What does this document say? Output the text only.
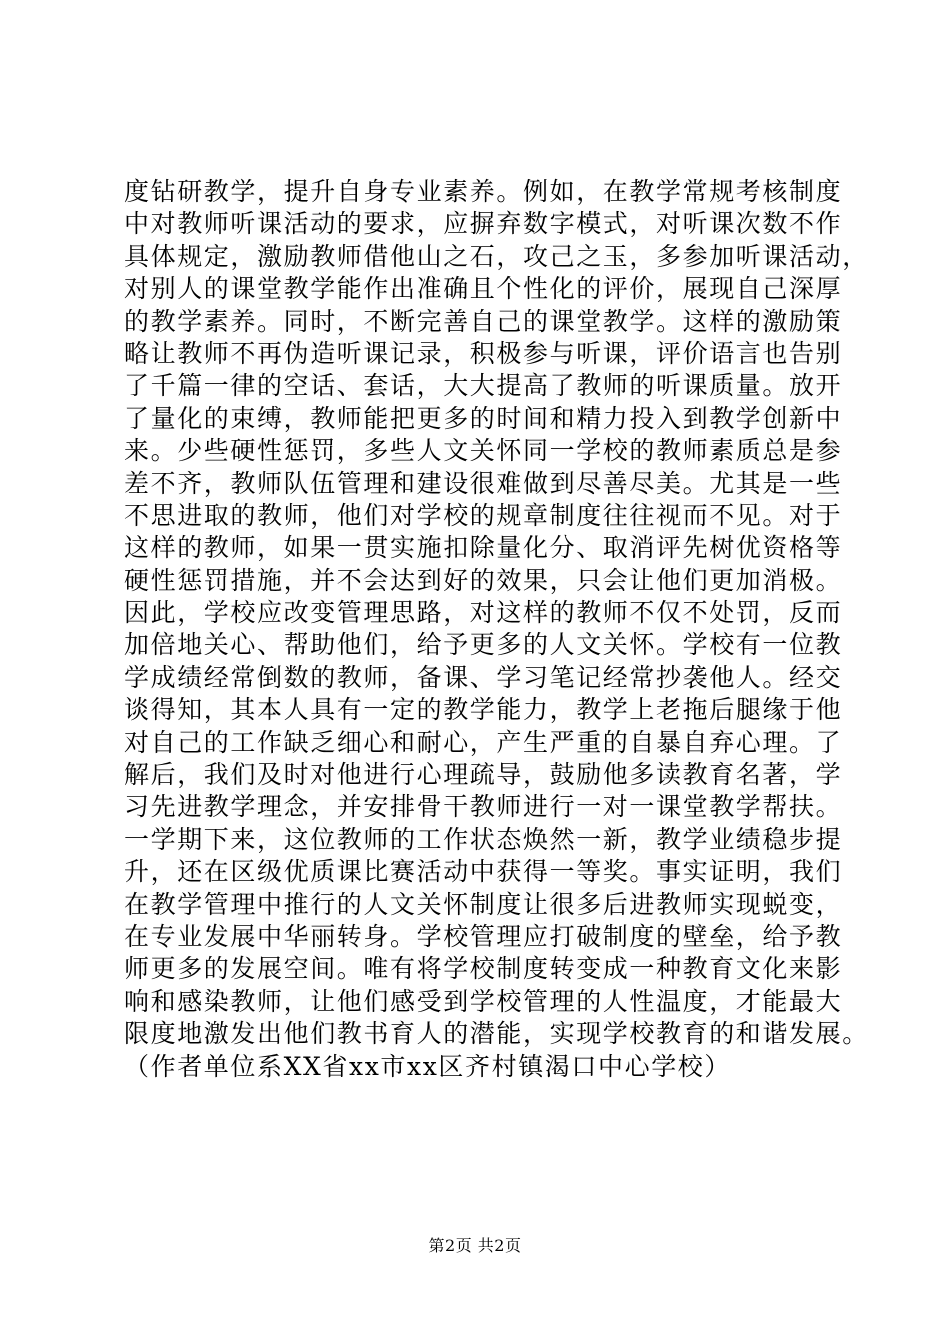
度钻研教学，提升自身专业素养。例如，在教学常规考核制度
中对教师听课活动的要求，应摒弃数字模式，对听课次数不作
具体规定，激励教师借他山之石，攻己之玉，多参加听课活动，
对别人的课堂教学能作出准确且个性化的评价，展现自己深厚
的教学素养。同时，不断完善自己的课堂教学。这样的激励策
略让教师不再伪造听课记录，积极参与听课，评价语言也告别
了千篇一律的空话、套话，大大提高了教师的听课质量。放开
了量化的束缚，教师能把更多的时间和精力投入到教学创新中
来。少些硬性惩罚，多些人文关怀同一学校的教师素质总是参
差不齐，教师队伍管理和建设很难做到尽善尽美。尤其是一些
不思进取的教师，他们对学校的规章制度往往视而不见。对于
这样的教师，如果一贯实施扣除量化分、取消评先树优资格等
硬性惩罚措施，并不会达到好的效果，只会让他们更加消极。
因此，学校应改变管理思路，对这样的教师不仅不处罚，反而
加倍地关心、帮助他们，给予更多的人文关怀。学校有一位教
学成绩经常倒数的教师，备课、学习笔记经常抄袭他人。经交
谈得知，其本人具有一定的教学能力，教学上老拖后腿缘于他
对自己的工作缺乏细心和耐心，产生严重的自暴自弃心理。了
解后，我们及时对他进行心理疏导，鼓励他多读教育名著，学
习先进教学理念，并安排骨干教师进行一对一课堂教学帮扶。
一学期下来，这位教师的工作状态焕然一新，教学业绩稳步提
升，还在区级优质课比赛活动中获得一等奖。事实证明，我们
在教学管理中推行的人文关怀制度让很多后进教师实现蜕变，
在专业发展中华丽转身。学校管理应打破制度的壁垒，给予教
师更多的发展空间。唯有将学校制度转变成一种教育文化来影
响和感染教师，让他们感受到学校管理的人性温度，才能最大
限度地激发出他们教书育人的潜能，实现学校教育的和谐发展。
（作者单位系XX省xx市xx区齐村镇渴口中心学校）
第2页 共2页
